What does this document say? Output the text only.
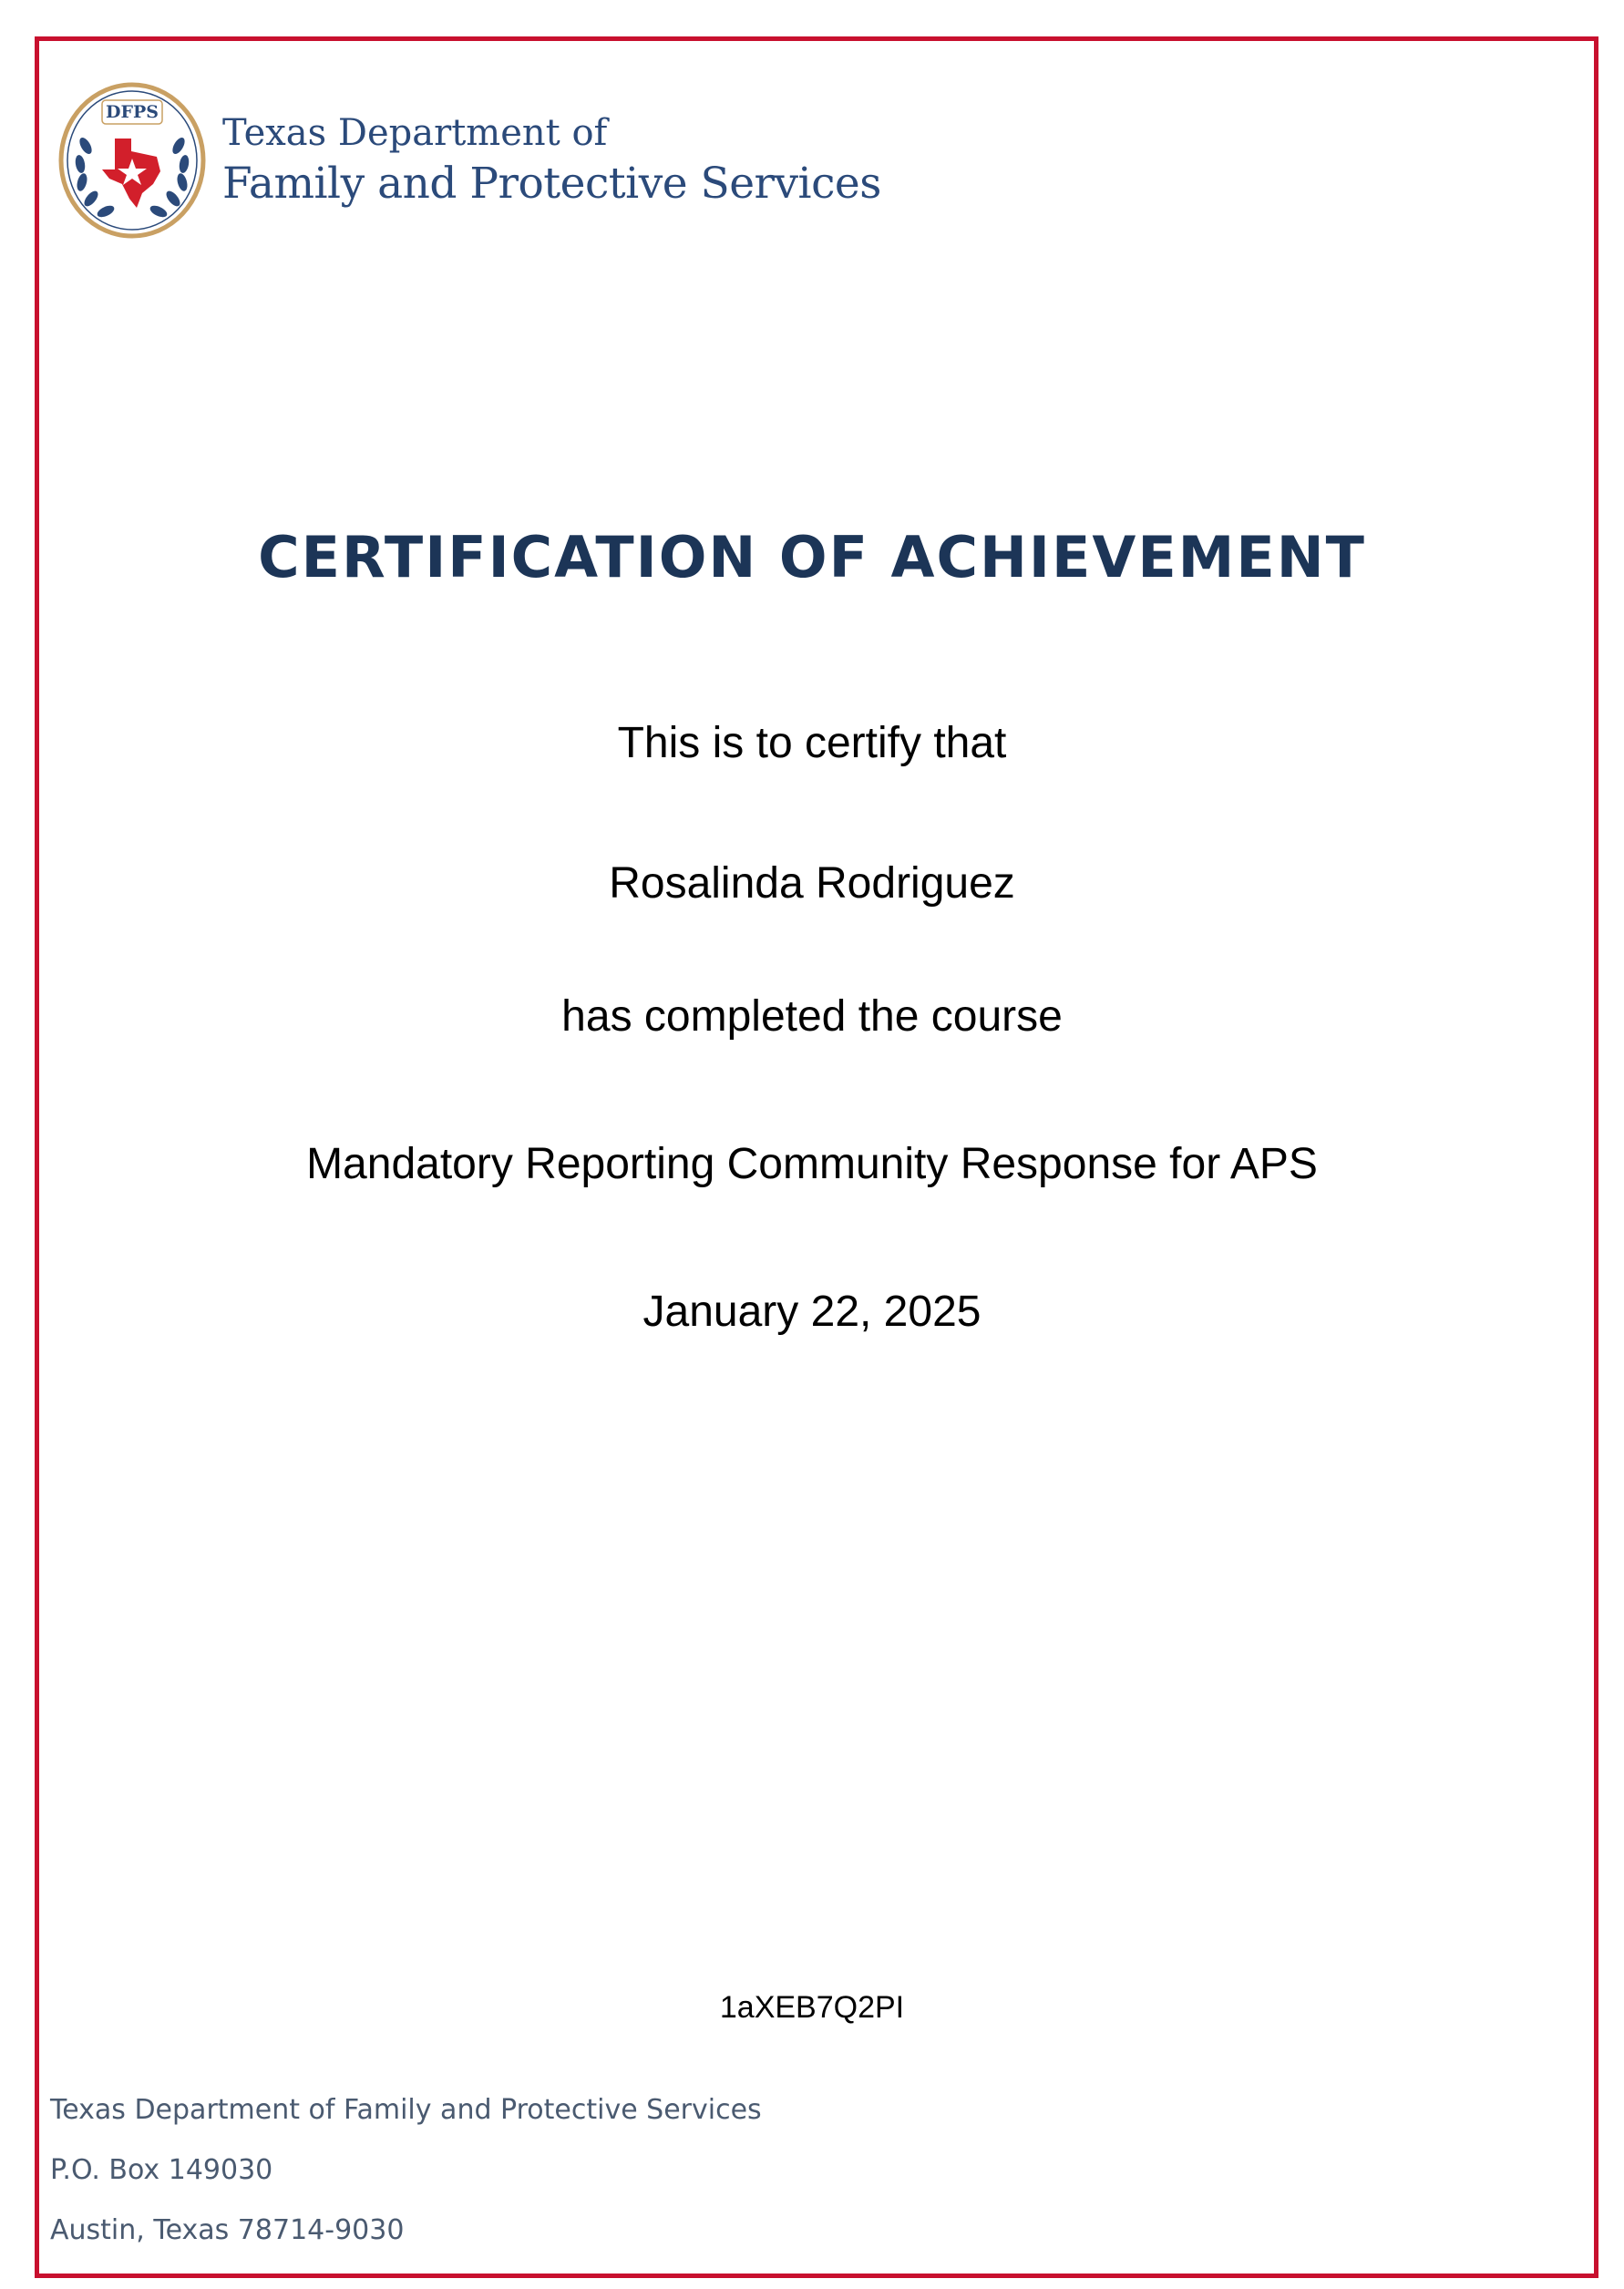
DFPS	Texas Department of
Family and Protective Services
CERTIFICATION OF ACHIEVEMENT
This is to certify that
Rosalinda Rodriguez
has completed the course
Mandatory Reporting Community Response for APS
January 22, 2025
1aXEB7Q2PI
Texas Department of Family and Protective Services
P.O. Box 149030
Austin, Texas 78714-9030
